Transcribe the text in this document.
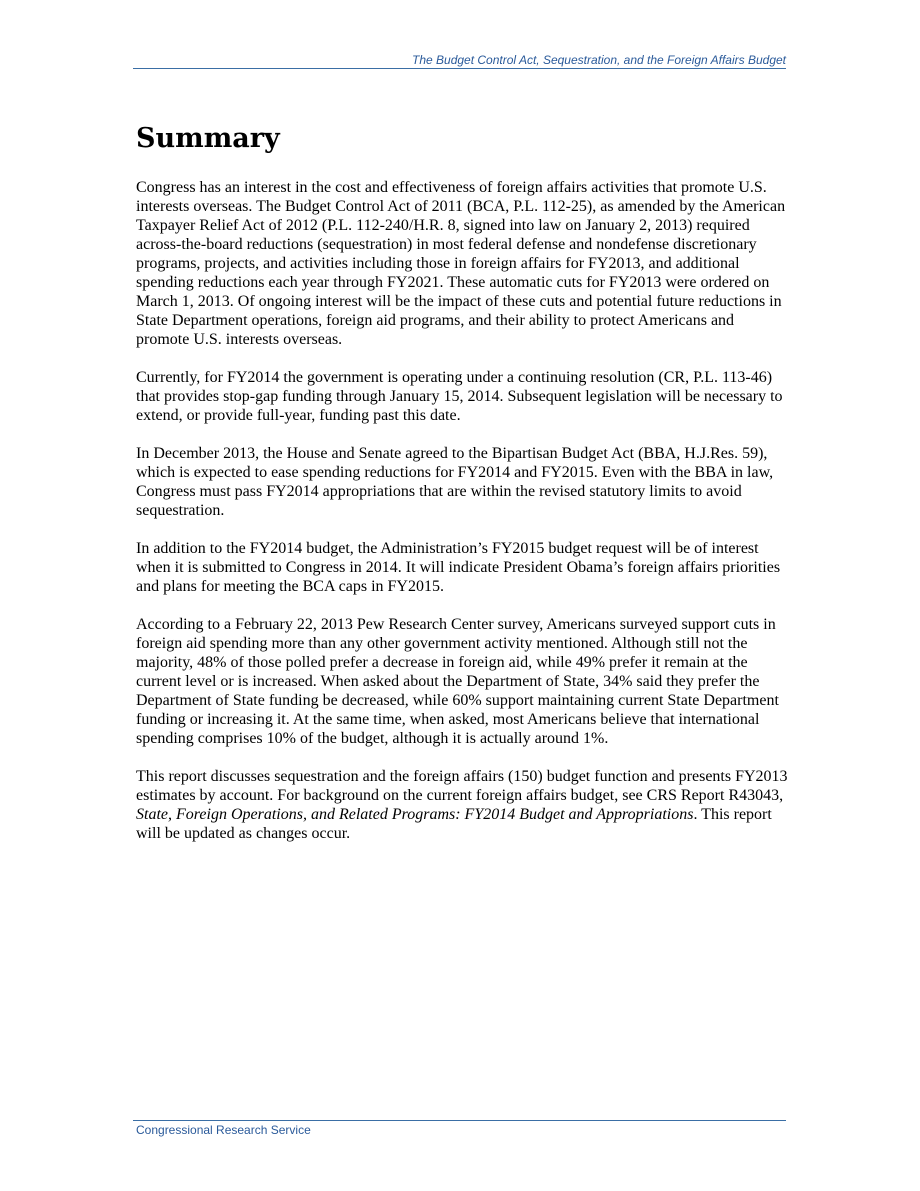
The Budget Control Act, Sequestration, and the Foreign Affairs Budget
Summary

Congress has an interest in the cost and effectiveness of foreign affairs activities that promote U.S. interests overseas. The Budget Control Act of 2011 (BCA, P.L. 112-25), as amended by the American Taxpayer Relief Act of 2012 (P.L. 112-240/H.R. 8, signed into law on January 2, 2013) required across-the-board reductions (sequestration) in most federal defense and nondefense discretionary programs, projects, and activities including those in foreign affairs for FY2013, and additional spending reductions each year through FY2021. These automatic cuts for FY2013 were ordered on March 1, 2013. Of ongoing interest will be the impact of these cuts and potential future reductions in State Department operations, foreign aid programs, and their ability to protect Americans and promote U.S. interests overseas.

Currently, for FY2014 the government is operating under a continuing resolution (CR, P.L. 113-46) that provides stop-gap funding through January 15, 2014. Subsequent legislation will be necessary to extend, or provide full-year, funding past this date.

In December 2013, the House and Senate agreed to the Bipartisan Budget Act (BBA, H.J.Res. 59), which is expected to ease spending reductions for FY2014 and FY2015. Even with the BBA in law, Congress must pass FY2014 appropriations that are within the revised statutory limits to avoid sequestration.

In addition to the FY2014 budget, the Administration’s FY2015 budget request will be of interest when it is submitted to Congress in 2014. It will indicate President Obama’s foreign affairs priorities and plans for meeting the BCA caps in FY2015.

According to a February 22, 2013 Pew Research Center survey, Americans surveyed support cuts in foreign aid spending more than any other government activity mentioned. Although still not the majority, 48% of those polled prefer a decrease in foreign aid, while 49% prefer it remain at the current level or is increased. When asked about the Department of State, 34% said they prefer the Department of State funding be decreased, while 60% support maintaining current State Department funding or increasing it. At the same time, when asked, most Americans believe that international spending comprises 10% of the budget, although it is actually around 1%.

This report discusses sequestration and the foreign affairs (150) budget function and presents FY2013 estimates by account. For background on the current foreign affairs budget, see CRS Report R43043, State, Foreign Operations, and Related Programs: FY2014 Budget and Appropriations. This report will be updated as changes occur.

Congressional Research Service
